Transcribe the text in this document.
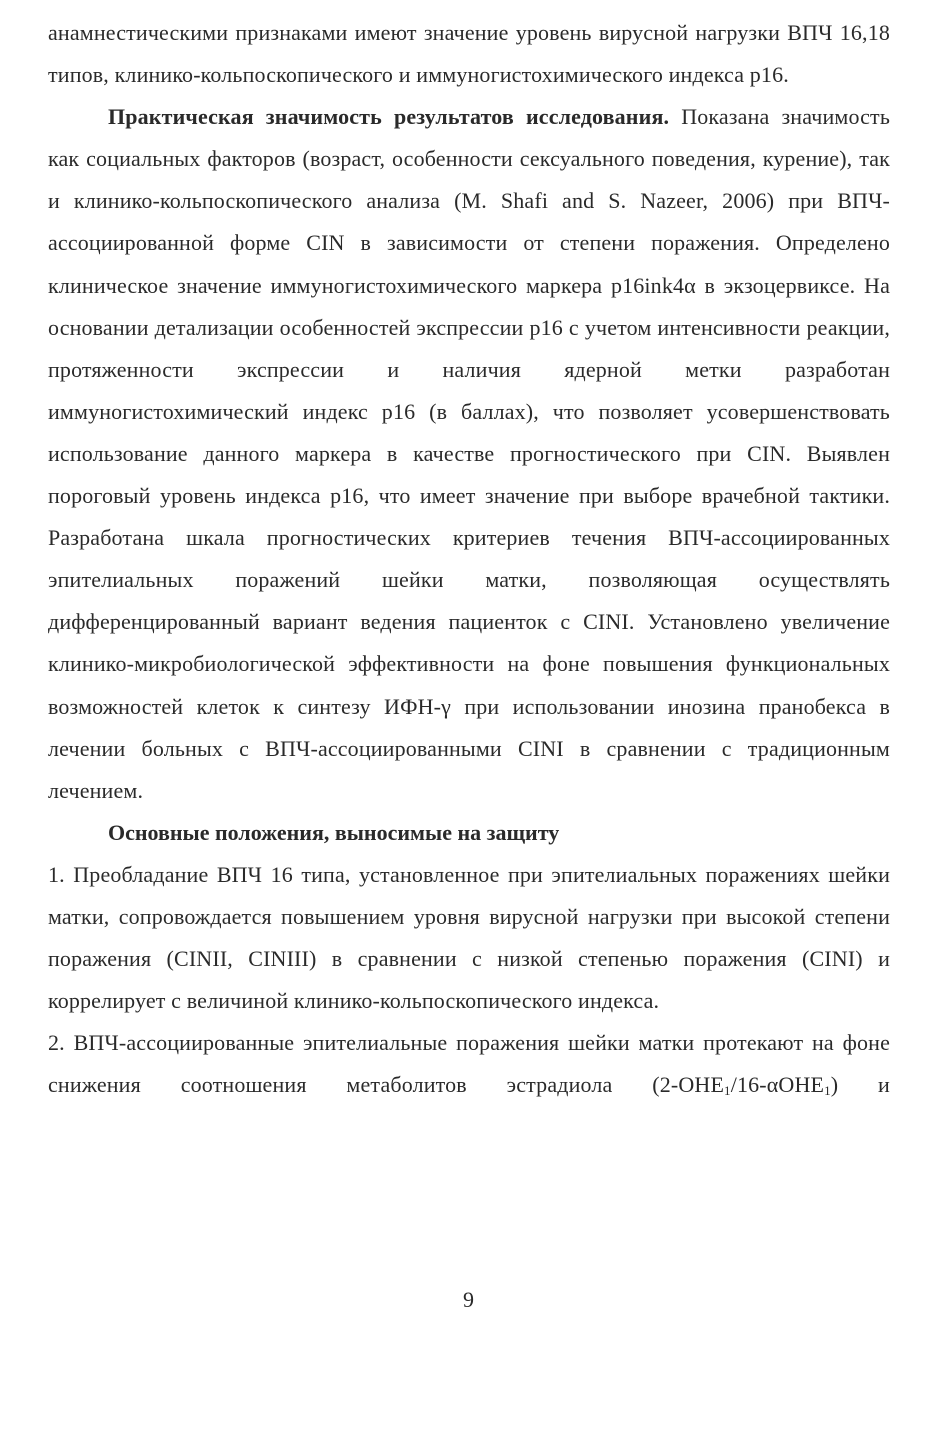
анамнестическими признаками имеют значение уровень вирусной нагрузки ВПЧ 16,18 типов, клинико-кольпоскопического и иммуногистохимического индекса p16.

Практическая значимость результатов исследования. Показана значимость как социальных факторов (возраст, особенности сексуального поведения, курение), так и клинико-кольпоскопического анализа (M. Shafi and S. Nazeer, 2006) при ВПЧ-ассоциированной форме CIN в зависимости от степени поражения. Определено клиническое значение иммуногистохимического маркера p16ink4α в экзоцервиксе. На основании детализации особенностей экспрессии p16 с учетом интенсивности реакции, протяженности экспрессии и наличия ядерной метки разработан иммуногистохимический индекс p16 (в баллах), что позволяет усовершенствовать использование данного маркера в качестве прогностического при CIN. Выявлен пороговый уровень индекса p16, что имеет значение при выборе врачебной тактики. Разработана шкала прогностических критериев течения ВПЧ-ассоциированных эпителиальных поражений шейки матки, позволяющая осуществлять дифференцированный вариант ведения пациенток с CINI. Установлено увеличение клинико-микробиологической эффективности на фоне повышения функциональных возможностей клеток к синтезу ИФН-γ при использовании инозина пранобекса в лечении больных с ВПЧ-ассоциированными CINI в сравнении с традиционным лечением.

Основные положения, выносимые на защиту

1. Преобладание ВПЧ 16 типа, установленное при эпителиальных поражениях шейки матки, сопровождается повышением уровня вирусной нагрузки при высокой степени поражения (CINII, CINIII) в сравнении с низкой степенью поражения (CINI) и коррелирует с величиной клинико-кольпоскопического индекса.

2. ВПЧ-ассоциированные эпителиальные поражения шейки матки протекают на фоне снижения соотношения метаболитов эстрадиола $(2-OHE_1/16-\alpha OHE_1)$ и

9
